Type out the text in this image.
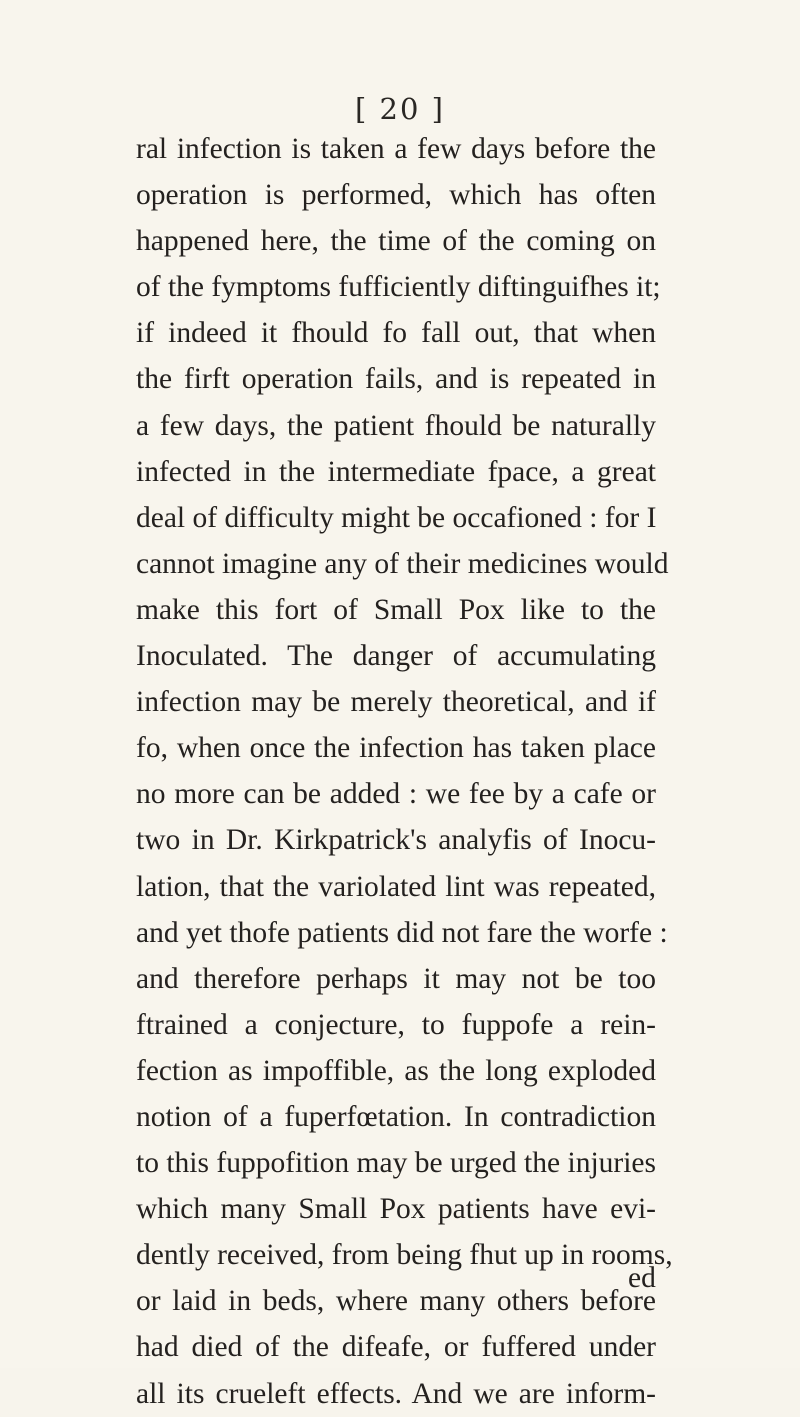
[ 20 ]
ral infection is taken a few days before the
operation is performed, which has often
happened here, the time of the coming on
of the fymptoms fufficiently diftinguifhes it;
if indeed it fhould fo fall out, that when
the firft operation fails, and is repeated in
a few days, the patient fhould be naturally
infected in the intermediate fpace, a great
deal of difficulty might be occafioned : for I
cannot imagine any of their medicines would
make this fort of Small Pox like to the
Inoculated. The danger of accumulating
infection may be merely theoretical, and if
fo, when once the infection has taken place
no more can be added : we fee by a cafe or
two in Dr. Kirkpatrick's analyfis of Inocu-
lation, that the variolated lint was repeated,
and yet thofe patients did not fare the worfe :
and therefore perhaps it may not be too
ftrained a conjecture, to fuppofe a rein-
fection as impoffible, as the long exploded
notion of a fuperfœtation. In contradiction
to this fuppofition may be urged the injuries
which many Small Pox patients have evi-
dently received, from being fhut up in rooms,
or laid in beds, where many others before
had died of the difeafe, or fuffered under
all its crueleft effects. And we are inform-
ed
